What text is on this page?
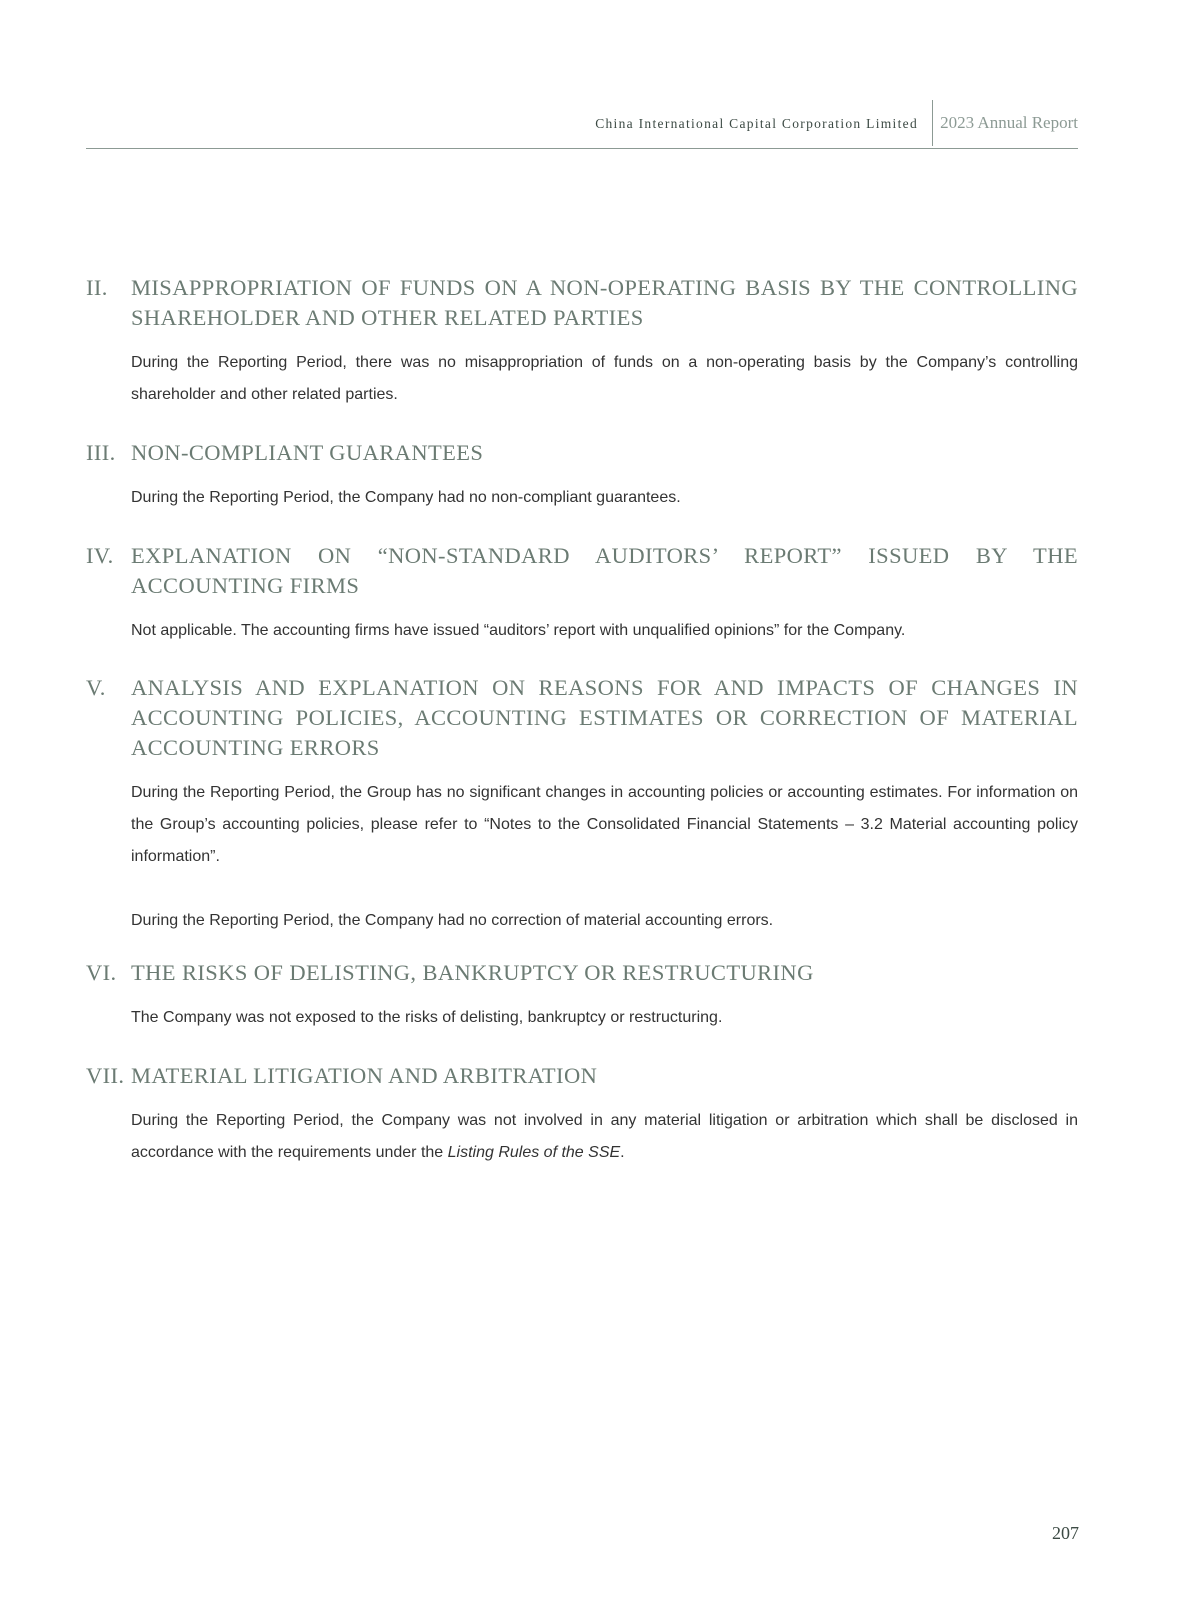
China International Capital Corporation Limited 2023 Annual Report
II. MISAPPROPRIATION OF FUNDS ON A NON-OPERATING BASIS BY THE CONTROLLING SHAREHOLDER AND OTHER RELATED PARTIES

During the Reporting Period, there was no misappropriation of funds on a non-operating basis by the Company’s controlling shareholder and other related parties.

III. NON-COMPLIANT GUARANTEES

During the Reporting Period, the Company had no non-compliant guarantees.

IV. EXPLANATION ON “NON-STANDARD AUDITORS’ REPORT” ISSUED BY THE ACCOUNTING FIRMS

Not applicable. The accounting firms have issued “auditors’ report with unqualified opinions” for the Company.

V. ANALYSIS AND EXPLANATION ON REASONS FOR AND IMPACTS OF CHANGES IN ACCOUNTING POLICIES, ACCOUNTING ESTIMATES OR CORRECTION OF MATERIAL ACCOUNTING ERRORS

During the Reporting Period, the Group has no significant changes in accounting policies or accounting estimates. For information on the Group’s accounting policies, please refer to “Notes to the Consolidated Financial Statements – 3.2 Material accounting policy information”.

During the Reporting Period, the Company had no correction of material accounting errors.

VI. THE RISKS OF DELISTING, BANKRUPTCY OR RESTRUCTURING

The Company was not exposed to the risks of delisting, bankruptcy or restructuring.

VII. MATERIAL LITIGATION AND ARBITRATION

During the Reporting Period, the Company was not involved in any material litigation or arbitration which shall be disclosed in accordance with the requirements under the Listing Rules of the SSE.

207
